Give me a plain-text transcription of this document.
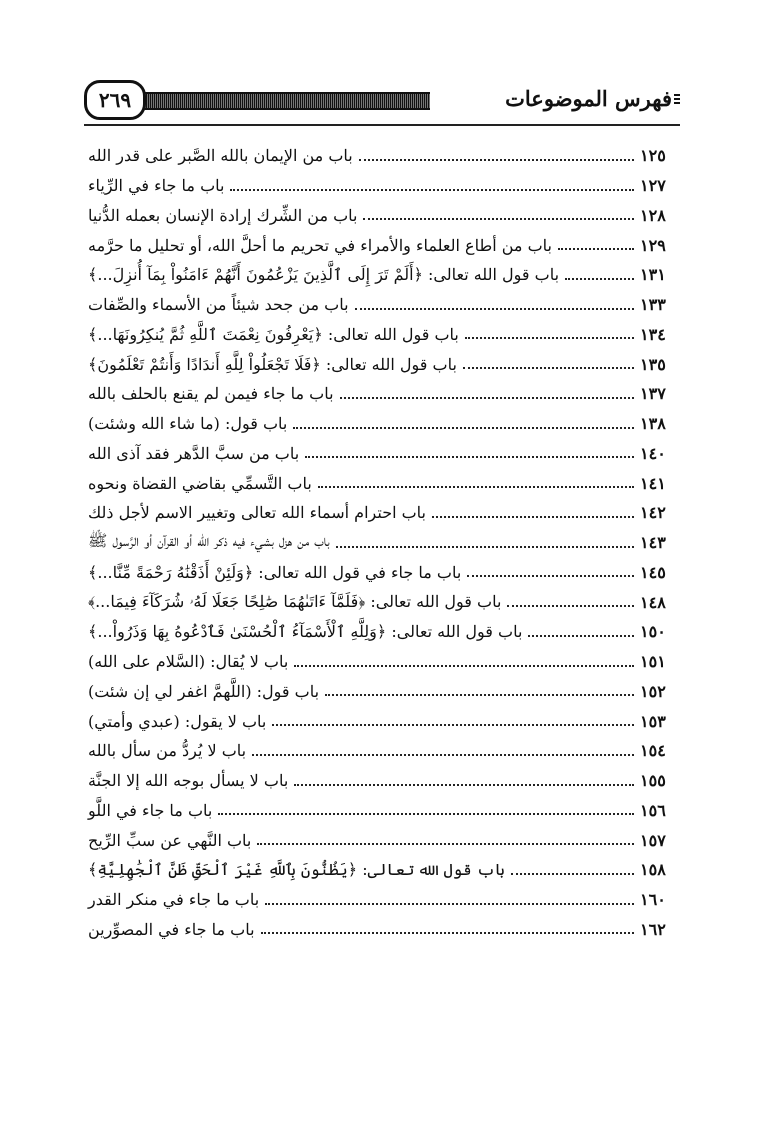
فهرس الموضوعات
٢٦٩
باب من الإيمان بالله الصَّبر على قدر الله	١٢٥
باب ما جاء في الرِّياء	١٢٧
باب من الشِّرك إرادة الإنسان بعمله الدُّنيا	١٢٨
باب من أطاع العلماء والأمراء في تحريم ما أحلَّ الله، أو تحليل ما حرَّمه	١٢٩
باب قول الله تعالى: ﴿أَلَمْ تَرَ إِلَى ٱلَّذِينَ يَزْعُمُونَ أَنَّهُمْ ءَامَنُواْ بِمَآ أُنزِلَ...﴾	١٣١
باب من جحد شيئاً من الأسماء والصِّفات	١٣٣
باب قول الله تعالى: ﴿يَعْرِفُونَ نِعْمَتَ ٱللَّهِ ثُمَّ يُنكِرُونَهَا...﴾	١٣٤
باب قول الله تعالى: ﴿فَلَا تَجْعَلُواْ لِلَّهِ أَندَادًا وَأَنتُمْ تَعْلَمُونَ﴾	١٣٥
باب ما جاء فيمن لم يقنع بالحلف بالله	١٣٧
باب قول: (ما شاء الله وشئت)	١٣٨
باب من سبَّ الدَّهر فقد آذى الله	١٤٠
باب التَّسمِّي بقاضي القضاة ونحوه	١٤١
باب احترام أسماء الله تعالى وتغيير الاسم لأجل ذلك	١٤٢
باب من هزل بشيء فيه ذكر الله أو القرآن أو الرَّسول ﷺ	١٤٣
باب ما جاء في قول الله تعالى: ﴿وَلَئِنْ أَذَقْنَٰهُ رَحْمَةً مِّنَّا...﴾	١٤٥
باب قول الله تعالى: ﴿فَلَمَّآ ءَاتَىٰهُمَا صَٰلِحًا جَعَلَا لَهُۥ شُرَكَآءَ فِيمَا...﴾	١٤٨
باب قول الله تعالى: ﴿وَلِلَّهِ ٱلْأَسْمَآءُ ٱلْحُسْنَىٰ فَٱدْعُوهُ بِهَا وَذَرُواْ...﴾	١٥٠
باب لا يُقال: (السَّلام على الله)	١٥١
باب قول: (اللَّهمَّ اغفر لي إن شئت)	١٥٢
باب لا يقول: (عبدي وأمتي)	١٥٣
باب لا يُردُّ من سأل بالله	١٥٤
باب لا يسأل بوجه الله إلا الجنَّة	١٥٥
باب ما جاء في اللَّو	١٥٦
باب النَّهي عن سبِّ الرِّيح	١٥٧
باب قول الله تعالى: ﴿يَظُنُّونَ بِٱللَّهِ غَيْرَ ٱلْحَقِّ ظَنَّ ٱلْجَٰهِلِيَّةِ﴾	١٥٨
باب ما جاء في منكر القدر	١٦٠
باب ما جاء في المصوِّرين	١٦٢
